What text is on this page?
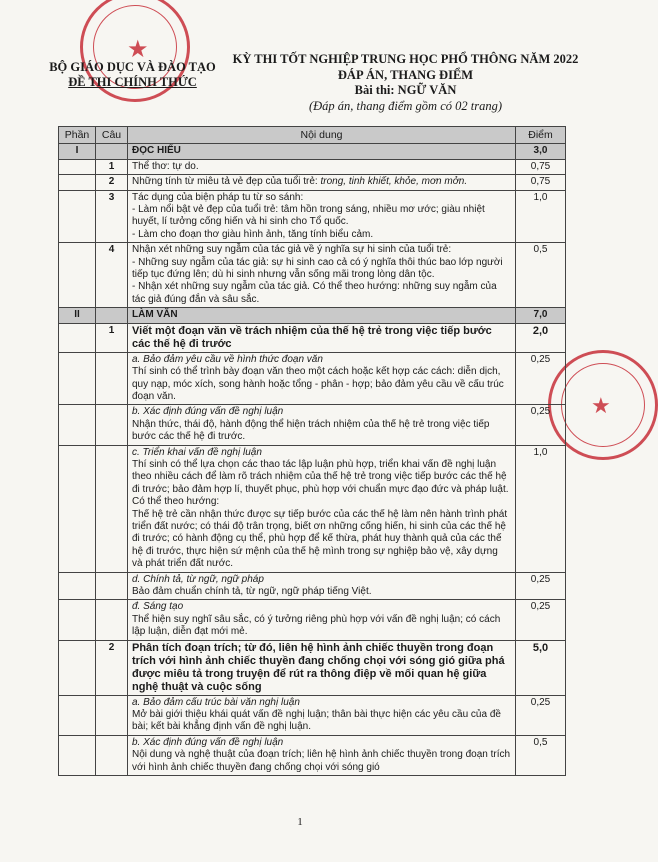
★
★
BỘ GIÁO DỤC VÀ ĐÀO TẠO
ĐỀ THI CHÍNH THỨC
KỲ THI TỐT NGHIỆP TRUNG HỌC PHỔ THÔNG NĂM 2022
ĐÁP ÁN, THANG ĐIỂM
Bài thi: NGỮ VĂN
(Đáp án, thang điểm gồm có 02 trang)
Phần	Câu	Nội dung	Điểm
I		ĐỌC HIỂU	3,0
	1	Thể thơ: tự do.	0,75
	2	Những tính từ miêu tả vẻ đẹp của tuổi trẻ: trong, tinh khiết, khỏe, mơn mởn.	0,75
	3	Tác dụng của biện pháp tu từ so sánh:
- Làm nổi bật vẻ đẹp của tuổi trẻ: tâm hồn trong sáng, nhiều mơ ước; giàu nhiệt huyết, lí tưởng cống hiến và hi sinh cho Tổ quốc.
- Làm cho đoạn thơ giàu hình ảnh, tăng tính biểu cảm.	1,0
	4	Nhận xét những suy ngẫm của tác giả về ý nghĩa sự hi sinh của tuổi trẻ:
- Những suy ngẫm của tác giả: sự hi sinh cao cả có ý nghĩa thôi thúc bao lớp người tiếp tục đứng lên; dù hi sinh nhưng vẫn sống mãi trong lòng dân tộc.
- Nhận xét những suy ngẫm của tác giả. Có thể theo hướng: những suy ngẫm của tác giả đúng đắn và sâu sắc.	0,5
II		LÀM VĂN	7,0
	1	Viết một đoạn văn về trách nhiệm của thế hệ trẻ trong việc tiếp bước các thế hệ đi trước	2,0

		a. Bảo đảm yêu cầu về hình thức đoạn văn
Thí sinh có thể trình bày đoạn văn theo một cách hoặc kết hợp các cách: diễn dịch, quy nạp, móc xích, song hành hoặc tổng - phân - hợp; bảo đảm yêu cầu về cấu trúc đoạn văn.	0,25

		b. Xác định đúng vấn đề nghị luận
Nhận thức, thái độ, hành động thể hiện trách nhiệm của thế hệ trẻ trong việc tiếp bước các thế hệ đi trước.	0,25

		c. Triển khai vấn đề nghị luận
Thí sinh có thể lựa chọn các thao tác lập luận phù hợp, triển khai vấn đề nghị luận theo nhiều cách để làm rõ trách nhiệm của thế hệ trẻ trong việc tiếp bước các thế hệ đi trước; bảo đảm hợp lí, thuyết phục, phù hợp với chuẩn mực đạo đức và pháp luật. Có thể theo hướng:
Thế hệ trẻ cần nhận thức được sự tiếp bước của các thế hệ làm nên hành trình phát triển đất nước; có thái độ trân trọng, biết ơn những cống hiến, hi sinh của các thế hệ đi trước; có hành động cụ thể, phù hợp để kế thừa, phát huy thành quả của các thế hệ đi trước, thực hiện sứ mệnh của thế hệ mình trong sự nghiệp bảo vệ, xây dựng và phát triển đất nước.	1,0

		d. Chính tả, từ ngữ, ngữ pháp
Bảo đảm chuẩn chính tả, từ ngữ, ngữ pháp tiếng Việt.	0,25

		đ. Sáng tạo
Thể hiện suy nghĩ sâu sắc, có ý tưởng riêng phù hợp với vấn đề nghị luận; có cách lập luận, diễn đạt mới mẻ.	0,25
	2	Phân tích đoạn trích; từ đó, liên hệ hình ảnh chiếc thuyền trong đoạn trích với hình ảnh chiếc thuyền đang chống chọi với sóng gió giữa phá được miêu tả trong truyện để rút ra thông điệp về mối quan hệ giữa nghệ thuật và cuộc sống	5,0

		a. Bảo đảm cấu trúc bài văn nghị luận
Mở bài giới thiệu khái quát vấn đề nghị luận; thân bài thực hiện các yêu cầu của đề bài; kết bài khẳng định vấn đề nghị luận.	0,25

		b. Xác định đúng vấn đề nghị luận
Nội dung và nghệ thuật của đoạn trích; liên hệ hình ảnh chiếc thuyền trong đoạn trích với hình ảnh chiếc thuyền đang chống chọi với sóng gió	0,5
1
